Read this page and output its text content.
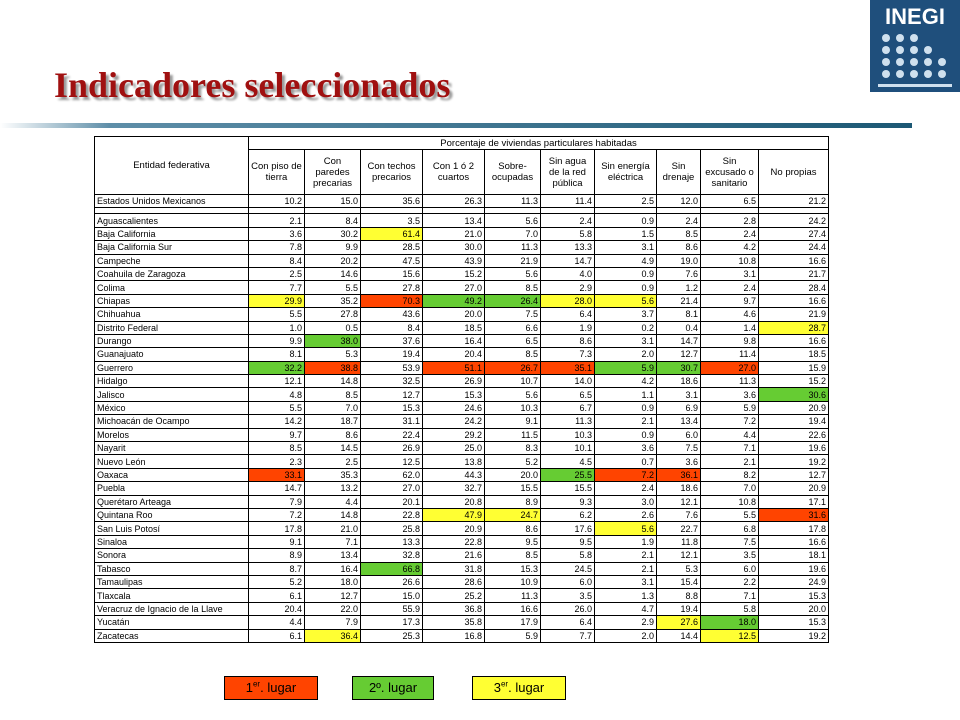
Indicadores seleccionados
INEGI
Entidad federativa	Porcentaje de viviendas particulares habitadas									
	Con piso de tierra	Con paredes precarias	Con techos precarios	Con 1 ó 2 cuartos	Sobre-ocupadas	Sin agua de la red pública	Sin energía eléctrica	Sin drenaje	Sin excusado o sanitario	No propias
Estados Unidos Mexicanos	10.2	15.0	35.6	26.3	11.3	11.4	2.5	12.0	6.5	21.2

Aguascalientes	2.1	8.4	3.5	13.4	5.6	2.4	0.9	2.4	2.8	24.2
Baja California	3.6	30.2	61.4	21.0	7.0	5.8	1.5	8.5	2.4	27.4
Baja California Sur	7.8	9.9	28.5	30.0	11.3	13.3	3.1	8.6	4.2	24.4
Campeche	8.4	20.2	47.5	43.9	21.9	14.7	4.9	19.0	10.8	16.6
Coahuila de Zaragoza	2.5	14.6	15.6	15.2	5.6	4.0	0.9	7.6	3.1	21.7
Colima	7.7	5.5	27.8	27.0	8.5	2.9	0.9	1.2	2.4	28.4
Chiapas	29.9	35.2	70.3	49.2	26.4	28.0	5.6	21.4	9.7	16.6
Chihuahua	5.5	27.8	43.6	20.0	7.5	6.4	3.7	8.1	4.6	21.9
Distrito Federal	1.0	0.5	8.4	18.5	6.6	1.9	0.2	0.4	1.4	28.7
Durango	9.9	38.0	37.6	16.4	6.5	8.6	3.1	14.7	9.8	16.6
Guanajuato	8.1	5.3	19.4	20.4	8.5	7.3	2.0	12.7	11.4	18.5
Guerrero	32.2	38.8	53.9	51.1	26.7	35.1	5.9	30.7	27.0	15.9
Hidalgo	12.1	14.8	32.5	26.9	10.7	14.0	4.2	18.6	11.3	15.2
Jalisco	4.8	8.5	12.7	15.3	5.6	6.5	1.1	3.1	3.6	30.6
México	5.5	7.0	15.3	24.6	10.3	6.7	0.9	6.9	5.9	20.9
Michoacán de Ocampo	14.2	18.7	31.1	24.2	9.1	11.3	2.1	13.4	7.2	19.4
Morelos	9.7	8.6	22.4	29.2	11.5	10.3	0.9	6.0	4.4	22.6
Nayarit	8.5	14.5	26.9	25.0	8.3	10.1	3.6	7.5	7.1	19.6
Nuevo León	2.3	2.5	12.5	13.8	5.2	4.5	0.7	3.6	2.1	19.2
Oaxaca	33.1	35.3	62.0	44.3	20.0	25.5	7.2	36.1	8.2	12.7
Puebla	14.7	13.2	27.0	32.7	15.5	15.5	2.4	18.6	7.0	20.9
Querétaro Arteaga	7.9	4.4	20.1	20.8	8.9	9.3	3.0	12.1	10.8	17.1
Quintana Roo	7.2	14.8	22.8	47.9	24.7	6.2	2.6	7.6	5.5	31.6
San Luis Potosí	17.8	21.0	25.8	20.9	8.6	17.6	5.6	22.7	6.8	17.8
Sinaloa	9.1	7.1	13.3	22.8	9.5	9.5	1.9	11.8	7.5	16.6
Sonora	8.9	13.4	32.8	21.6	8.5	5.8	2.1	12.1	3.5	18.1
Tabasco	8.7	16.4	66.8	31.8	15.3	24.5	2.1	5.3	6.0	19.6
Tamaulipas	5.2	18.0	26.6	28.6	10.9	6.0	3.1	15.4	2.2	24.9
Tlaxcala	6.1	12.7	15.0	25.2	11.3	3.5	1.3	8.8	7.1	15.3
Veracruz de Ignacio de la Llave	20.4	22.0	55.9	36.8	16.6	26.0	4.7	19.4	5.8	20.0
Yucatán	4.4	7.9	17.3	35.8	17.9	6.4	2.9	27.6	18.0	15.3
Zacatecas	6.1	36.4	25.3	16.8	5.9	7.7	2.0	14.4	12.5	19.2
1er. lugar	2º. lugar	3er. lugar
